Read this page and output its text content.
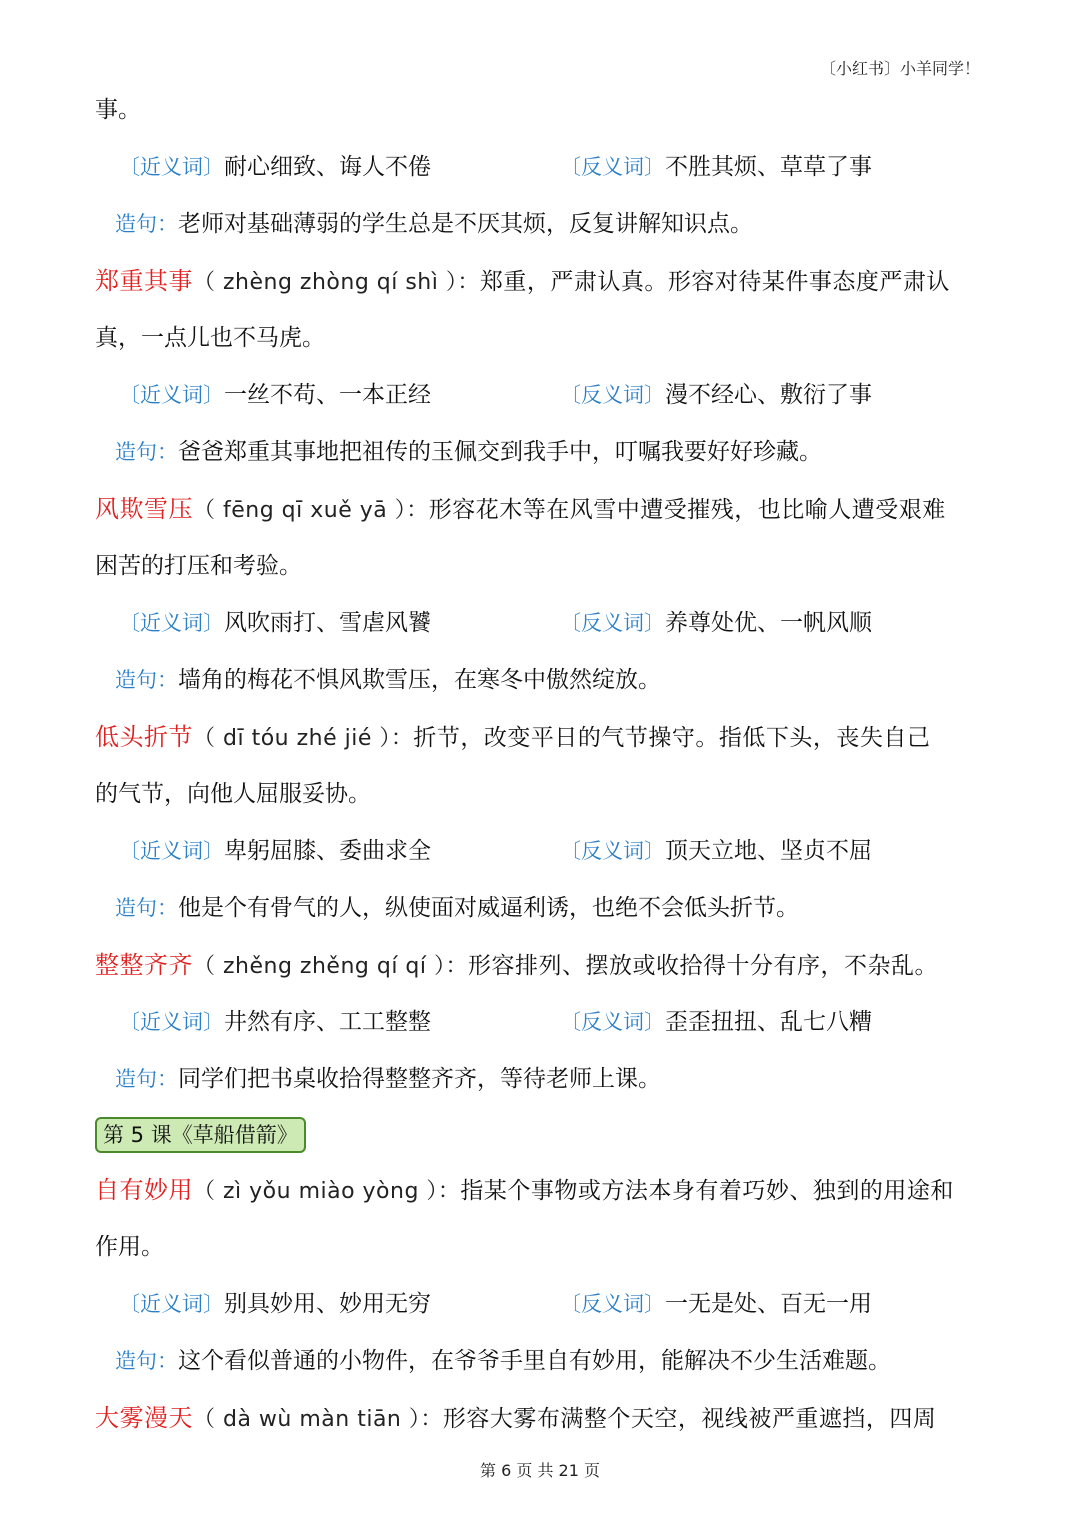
〔小红书〕小羊同学！
事。
〔近义词〕耐心细致、诲人不倦	〔反义词〕不胜其烦、草草了事
造句：老师对基础薄弱的学生总是不厌其烦，反复讲解知识点。
郑重其事（ zhèng zhòng qí shì ）：郑重，严肃认真。形容对待某件事态度严肃认
真，一点儿也不马虎。
〔近义词〕一丝不苟、一本正经	〔反义词〕漫不经心、敷衍了事
造句：爸爸郑重其事地把祖传的玉佩交到我手中，叮嘱我要好好珍藏。
风欺雪压（ fēng qī xuě yā ）：形容花木等在风雪中遭受摧残，也比喻人遭受艰难
困苦的打压和考验。
〔近义词〕风吹雨打、雪虐风饕	〔反义词〕养尊处优、一帆风顺
造句：墙角的梅花不惧风欺雪压，在寒冬中傲然绽放。
低头折节（ dī tóu zhé jié ）：折节，改变平日的气节操守。指低下头，丧失自己
的气节，向他人屈服妥协。
〔近义词〕卑躬屈膝、委曲求全	〔反义词〕顶天立地、坚贞不屈
造句：他是个有骨气的人，纵使面对威逼利诱，也绝不会低头折节。
整整齐齐（ zhěng zhěng qí qí ）：形容排列、摆放或收拾得十分有序，不杂乱。
〔近义词〕井然有序、工工整整	〔反义词〕歪歪扭扭、乱七八糟
造句：同学们把书桌收拾得整整齐齐，等待老师上课。
第 5 课《草船借箭》
自有妙用（ zì yǒu miào yòng ）：指某个事物或方法本身有着巧妙、独到的用途和
作用。
〔近义词〕别具妙用、妙用无穷	〔反义词〕一无是处、百无一用
造句：这个看似普通的小物件，在爷爷手里自有妙用，能解决不少生活难题。
大雾漫天（ dà wù màn tiān ）：形容大雾布满整个天空，视线被严重遮挡，四周
第 6 页 共 21 页
